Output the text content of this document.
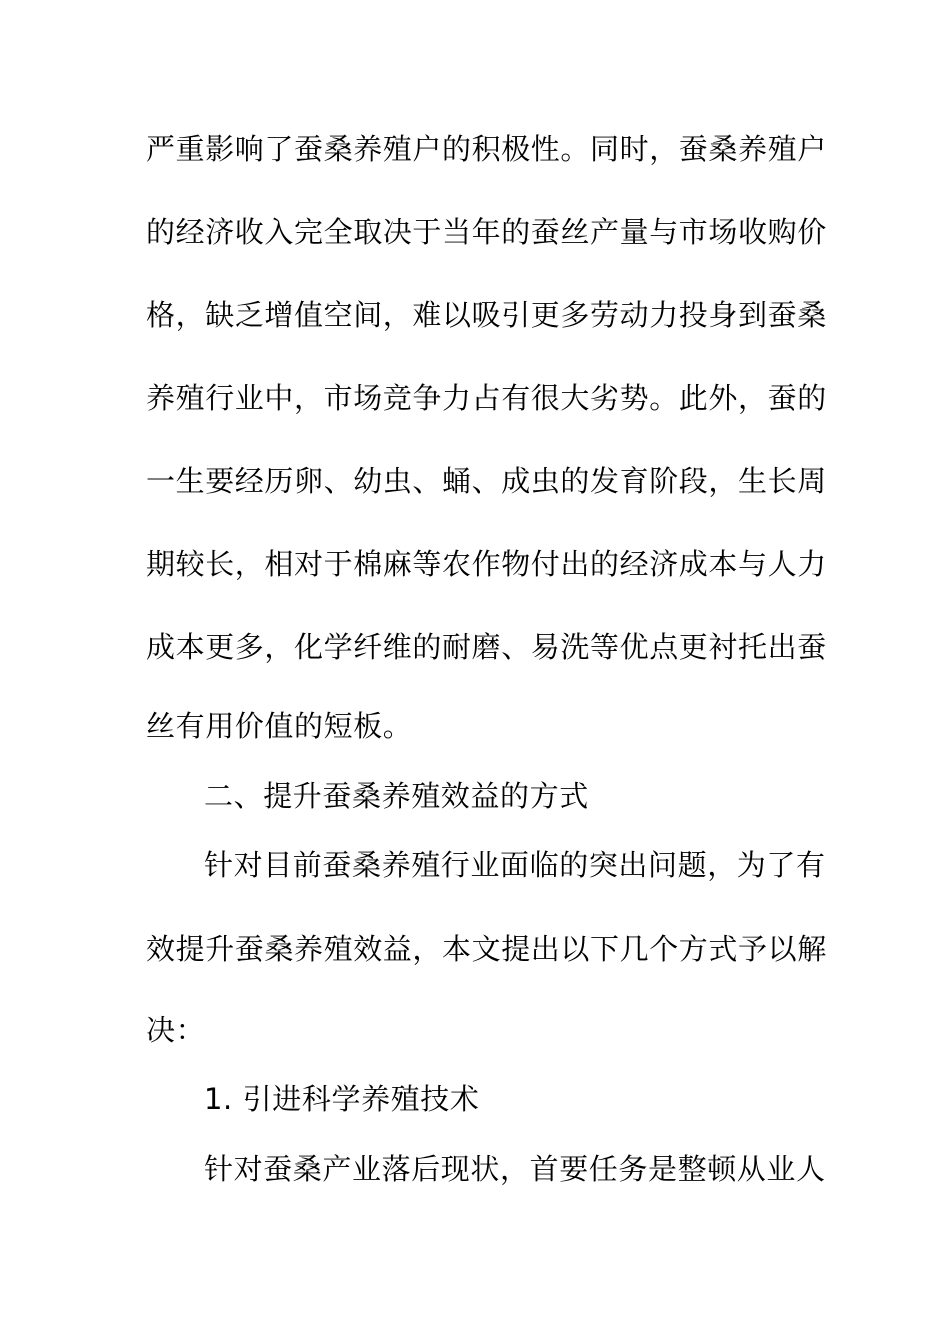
严重影响了蚕桑养殖户的积极性。同时，蚕桑养殖户
的经济收入完全取决于当年的蚕丝产量与市场收购价
格，缺乏增值空间，难以吸引更多劳动力投身到蚕桑
养殖行业中，市场竞争力占有很大劣势。此外，蚕的
一生要经历卵、幼虫、蛹、成虫的发育阶段，生长周
期较长，相对于棉麻等农作物付出的经济成本与人力
成本更多，化学纤维的耐磨、易洗等优点更衬托出蚕
丝有用价值的短板。
二、提升蚕桑养殖效益的方式
针对目前蚕桑养殖行业面临的突出问题，为了有
效提升蚕桑养殖效益，本文提出以下几个方式予以解
决：
1. 引进科学养殖技术
针对蚕桑产业落后现状，首要任务是整顿从业人
